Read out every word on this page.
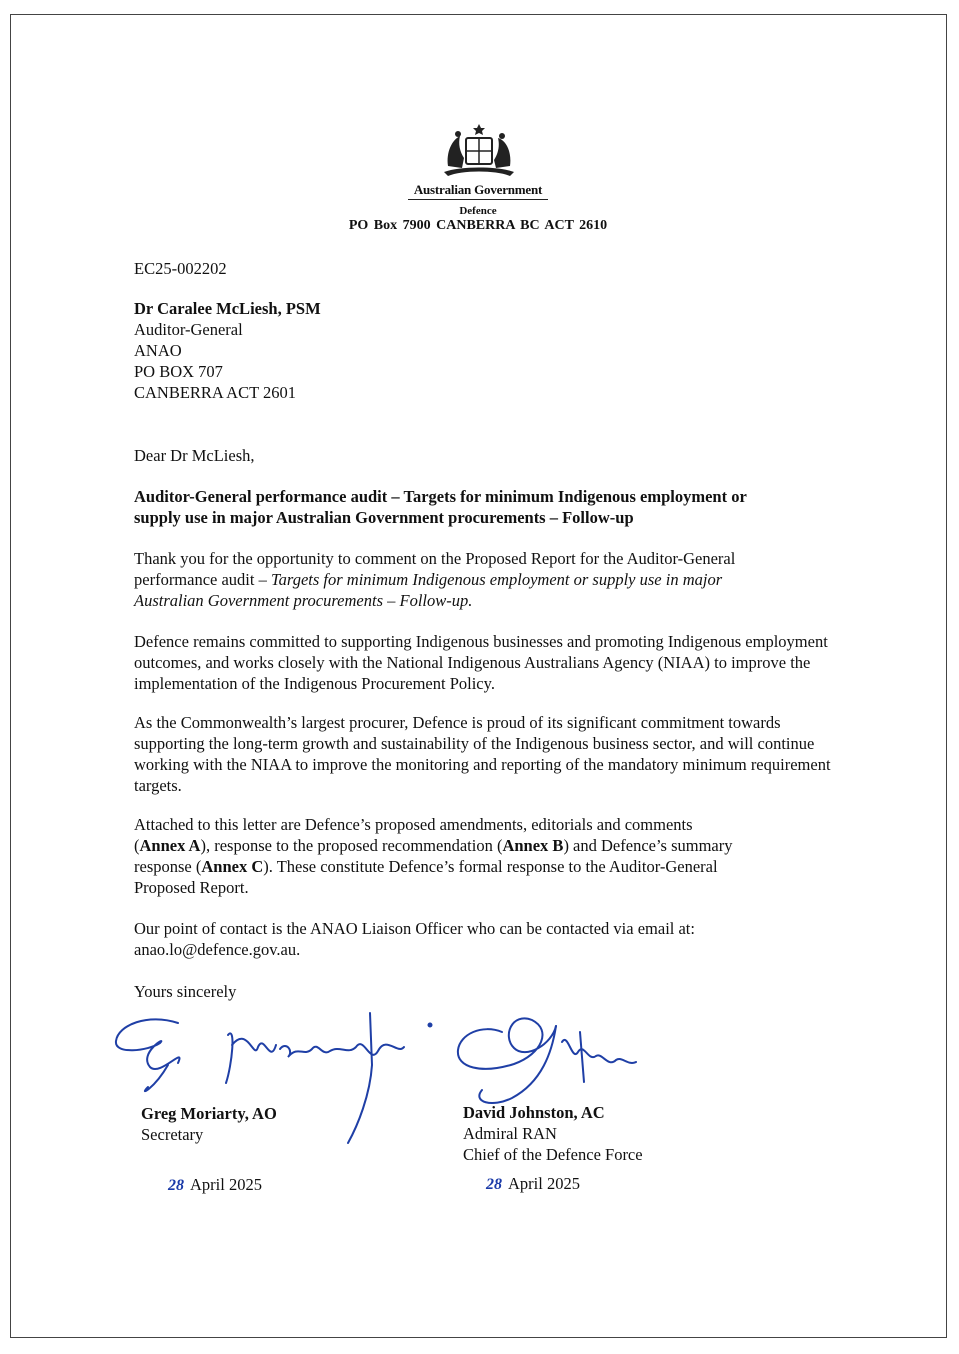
Australian Government
Defence
PO Box 7900 CANBERRA BC ACT 2610
EC25-002202
Dr Caralee McLiesh, PSM
Auditor-General
ANAO
PO BOX 707
CANBERRA ACT 2601
Dear Dr McLiesh,
Auditor-General performance audit – Targets for minimum Indigenous employment or
supply use in major Australian Government procurements – Follow-up
Thank you for the opportunity to comment on the Proposed Report for the Auditor-General
performance audit – Targets for minimum Indigenous employment or supply use in major
Australian Government procurements – Follow-up.
Defence remains committed to supporting Indigenous businesses and promoting Indigenous employment outcomes, and works closely with the National Indigenous Australians Agency (NIAA) to improve the implementation of the Indigenous Procurement Policy.
As the Commonwealth’s largest procurer, Defence is proud of its significant commitment towards supporting the long-term growth and sustainability of the Indigenous business sector, and will continue working with the NIAA to improve the monitoring and reporting of the mandatory minimum requirement targets.
Attached to this letter are Defence’s proposed amendments, editorials and comments
(Annex A), response to the proposed recommendation (Annex B) and Defence’s summary
response (Annex C). These constitute Defence’s formal response to the Auditor-General
Proposed Report.
Our point of contact is the ANAO Liaison Officer who can be contacted via email at:
anao.lo@defence.gov.au.
Yours sincerely
Greg Moriarty, AO
Secretary
28 April 2025
David Johnston, AC
Admiral RAN
Chief of the Defence Force
28 April 2025
